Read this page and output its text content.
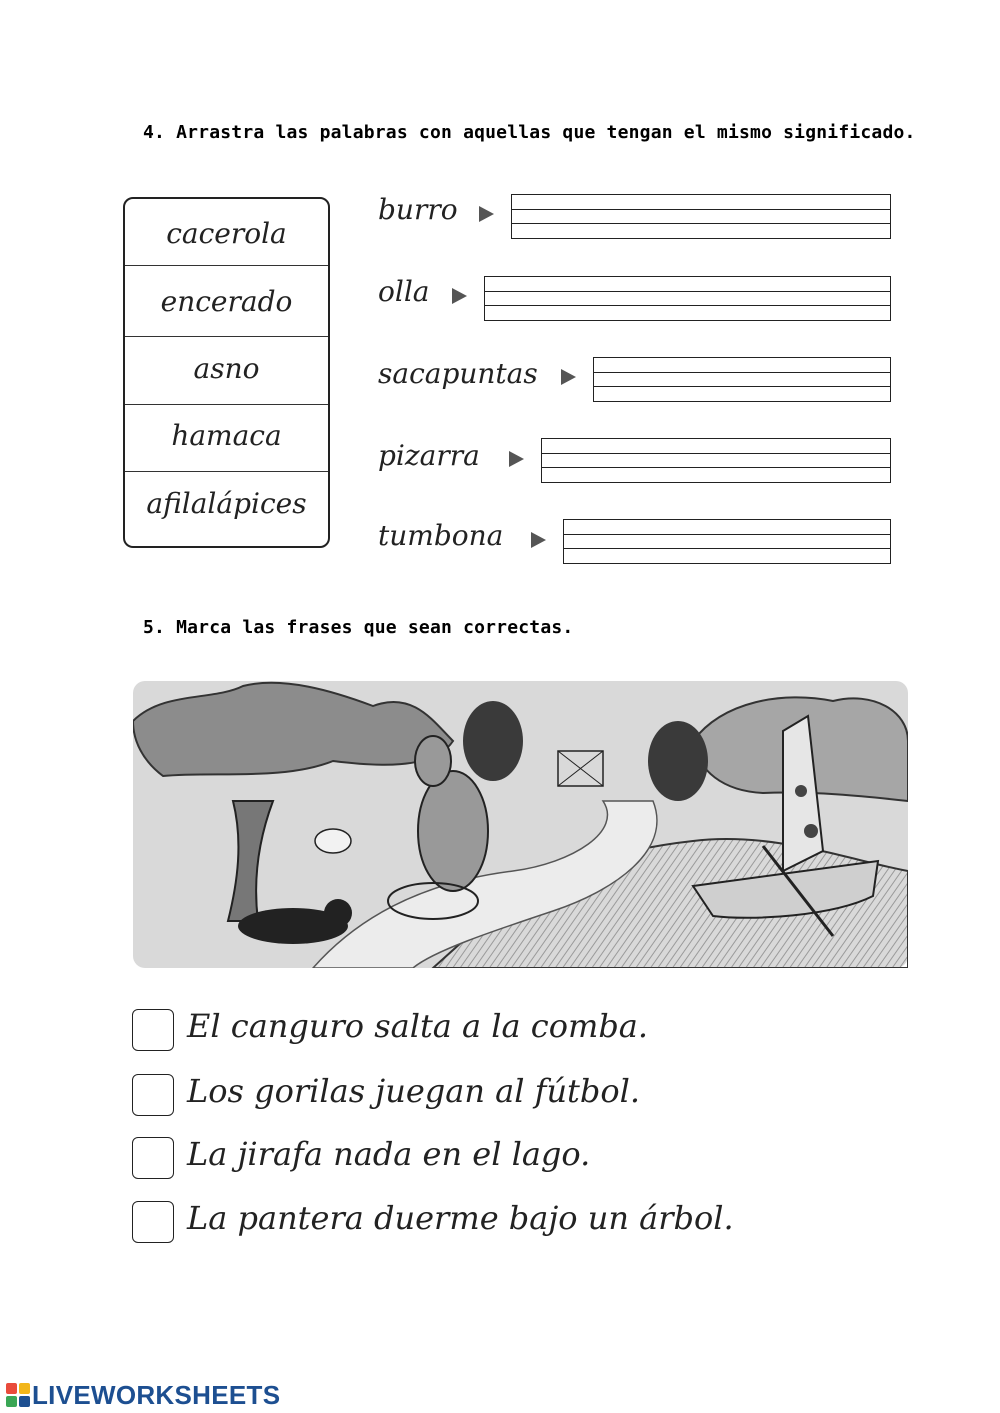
4. Arrastra las palabras con aquellas que tengan el mismo significado.
cacerola
encerado
asno
hamaca
afilalápices
burro
olla
sacapuntas
pizarra
tumbona
5. Marca las frases que sean correctas.
El canguro salta a la comba.
Los gorilas juegan al fútbol.
La jirafa nada en el lago.
La pantera duerme bajo un árbol.
LIVEWORKSHEETS
